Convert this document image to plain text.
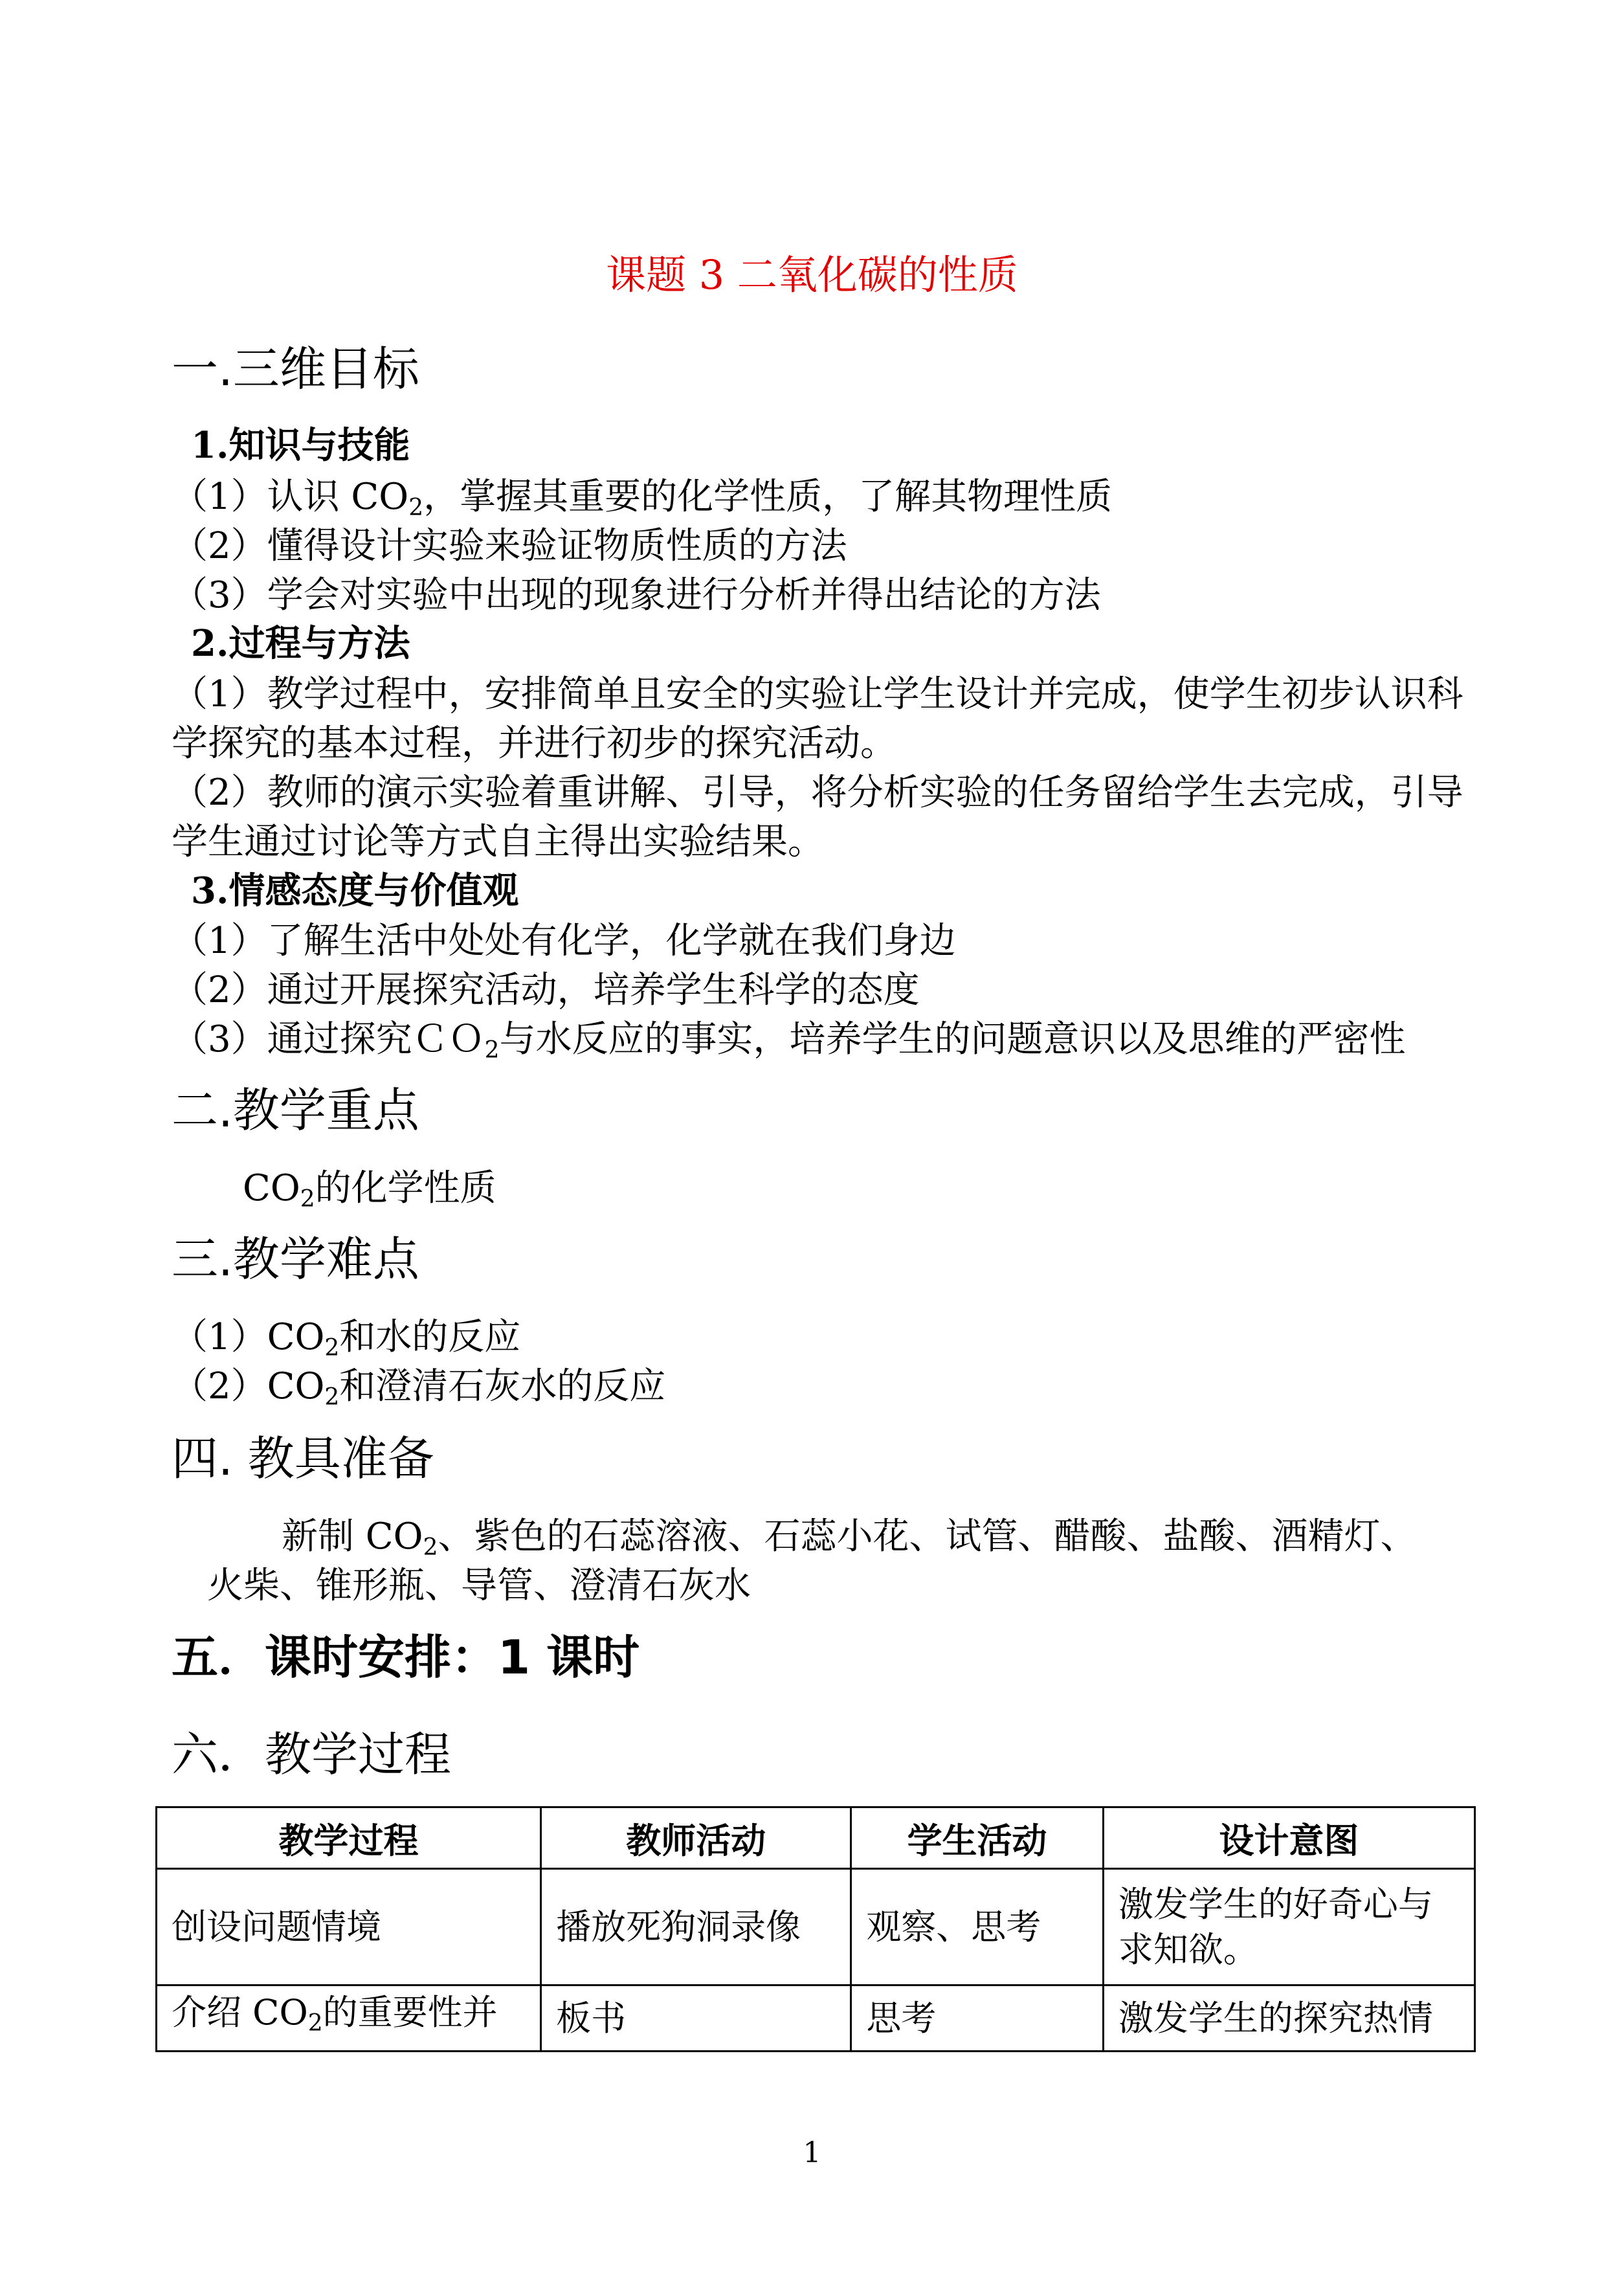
课题 3 二氧化碳的性质
一.三维目标
1.知识与技能
（1）认识 $CO_2$，掌握其重要的化学性质，了解其物理性质
（2）懂得设计实验来验证物质性质的方法
（3）学会对实验中出现的现象进行分析并得出结论的方法
2.过程与方法
（1）教学过程中，安排简单且安全的实验让学生设计并完成，使学生初步认识科学探究的基本过程，并进行初步的探究活动。
（2）教师的演示实验着重讲解、引导，将分析实验的任务留给学生去完成，引导学生通过讨论等方式自主得出实验结果。
3.情感态度与价值观
（1）了解生活中处处有化学，化学就在我们身边
（2）通过开展探究活动，培养学生科学的态度
（3）通过探究ＣＯ$_2$与水反应的事实，培养学生的问题意识以及思维的严密性
二.教学重点
$CO_2$的化学性质
三.教学难点
$(1)CO_2$和水的反应
$(2)CO_2$和澄清石灰水的反应
四. 教具准备
新制 $CO_2$、紫色的石蕊溶液、石蕊小花、试管、醋酸、盐酸、酒精灯、
火柴、锥形瓶、导管、澄清石灰水
五．课时安排：1 课时
六．教学过程
教学过程	教师活动	学生活动	设计意图
创设问题情境	播放死狗洞录像	观察、思考	激发学生的好奇心与求知欲。
介绍 $CO_2$的重要性并	板书	思考	激发学生的探究热情
1
